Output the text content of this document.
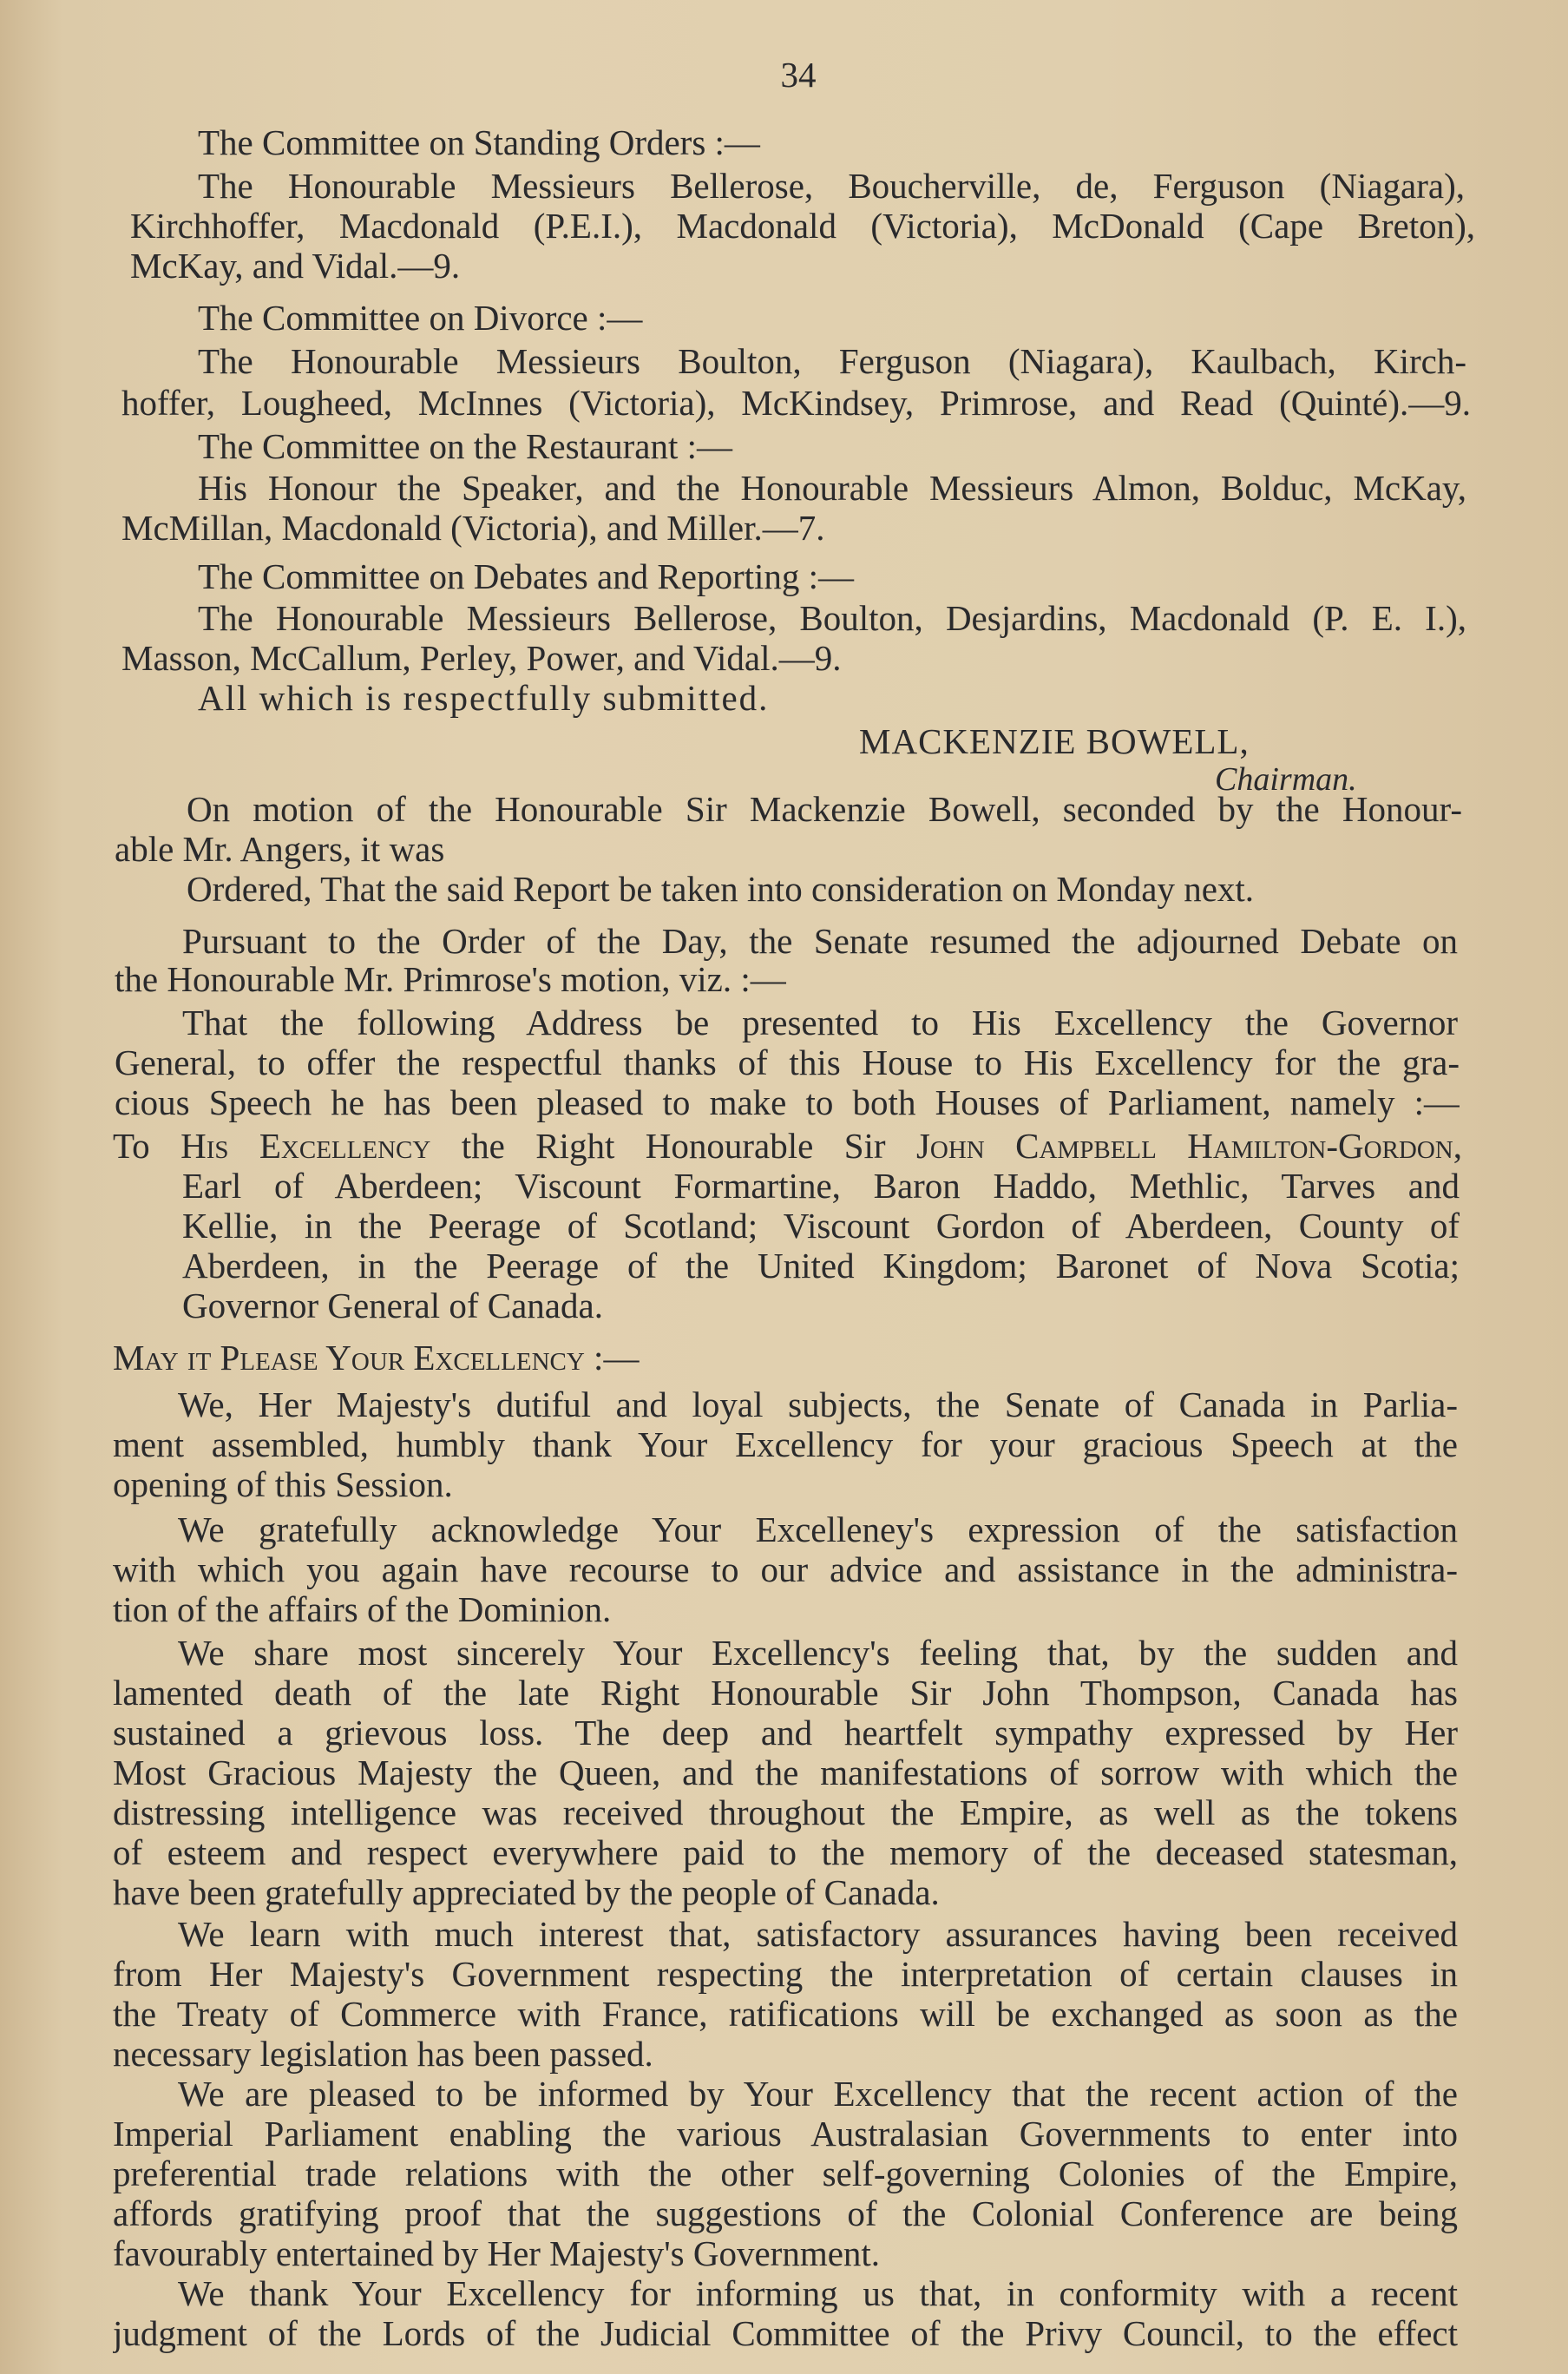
34
The Committee on Standing Orders :—
The Honourable Messieurs Bellerose, Boucherville, de, Ferguson (Niagara),
Kirchhoffer, Macdonald (P.E.I.), Macdonald (Victoria), McDonald (Cape Breton),
McKay, and Vidal.—9.
The Committee on Divorce :—
The Honourable Messieurs Boulton, Ferguson (Niagara), Kaulbach, Kirch-
hoffer, Lougheed, McInnes (Victoria), McKindsey, Primrose, and Read (Quinté).—9.
The Committee on the Restaurant :—
His Honour the Speaker, and the Honourable Messieurs Almon, Bolduc, McKay,
McMillan, Macdonald (Victoria), and Miller.—7.
The Committee on Debates and Reporting :—
The Honourable Messieurs Bellerose, Boulton, Desjardins, Macdonald (P. E. I.),
Masson, McCallum, Perley, Power, and Vidal.—9.
All which is respectfully submitted.
MACKENZIE BOWELL,
Chairman.
On motion of the Honourable Sir Mackenzie Bowell, seconded by the Honour-
able Mr. Angers, it was
Ordered, That the said Report be taken into consideration on Monday next.
Pursuant to the Order of the Day, the Senate resumed the adjourned Debate on
the Honourable Mr. Primrose's motion, viz. :—
That the following Address be presented to His Excellency the Governor
General, to offer the respectful thanks of this House to His Excellency for the gra-
cious Speech he has been pleased to make to both Houses of Parliament, namely :—
To His Excellency the Right Honourable Sir John Campbell Hamilton-Gordon,
Earl of Aberdeen; Viscount Formartine, Baron Haddo, Methlic, Tarves and
Kellie, in the Peerage of Scotland; Viscount Gordon of Aberdeen, County of
Aberdeen, in the Peerage of the United Kingdom; Baronet of Nova Scotia;
Governor General of Canada.
May it Please Your Excellency :—
We, Her Majesty's dutiful and loyal subjects, the Senate of Canada in Parlia-
ment assembled, humbly thank Your Excellency for your gracious Speech at the
opening of this Session.
We gratefully acknowledge Your Excelleney's expression of the satisfaction
with which you again have recourse to our advice and assistance in the administra-
tion of the affairs of the Dominion.
We share most sincerely Your Excellency's feeling that, by the sudden and
lamented death of the late Right Honourable Sir John Thompson, Canada has
sustained a grievous loss. The deep and heartfelt sympathy expressed by Her
Most Gracious Majesty the Queen, and the manifestations of sorrow with which the
distressing intelligence was received throughout the Empire, as well as the tokens
of esteem and respect everywhere paid to the memory of the deceased statesman,
have been gratefully appreciated by the people of Canada.
We learn with much interest that, satisfactory assurances having been received
from Her Majesty's Government respecting the interpretation of certain clauses in
the Treaty of Commerce with France, ratifications will be exchanged as soon as the
necessary legislation has been passed.
We are pleased to be informed by Your Excellency that the recent action of the
Imperial Parliament enabling the various Australasian Governments to enter into
preferential trade relations with the other self-governing Colonies of the Empire,
affords gratifying proof that the suggestions of the Colonial Conference are being
favourably entertained by Her Majesty's Government.
We thank Your Excellency for informing us that, in conformity with a recent
judgment of the Lords of the Judicial Committee of the Privy Council, to the effect
